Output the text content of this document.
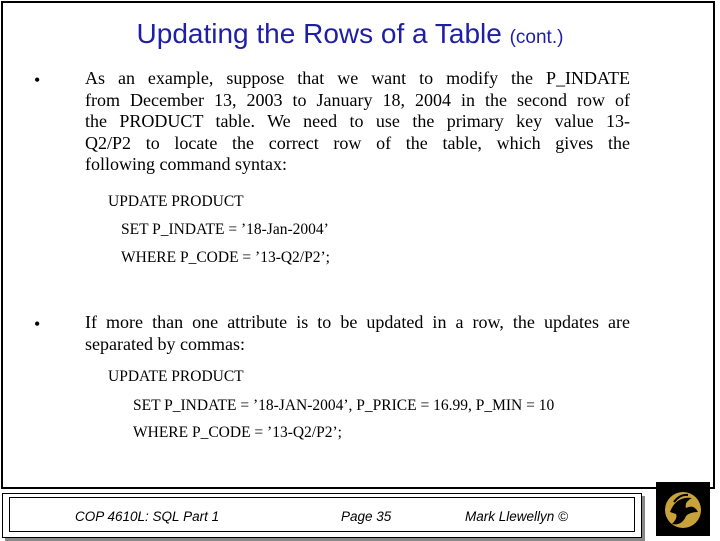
Updating the Rows of a Table (cont.)
• As an example, suppose that we want to modify the P_INDATE
from December 13, 2003 to January 18, 2004 in the second row of
the PRODUCT table. We need to use the primary key value 13-
Q2/P2 to locate the correct row of the table, which gives the
following command syntax:
UPDATE PRODUCT
SET P_INDATE = ’18-Jan-2004’
WHERE P_CODE = ’13-Q2/P2’;
• If more than one attribute is to be updated in a row, the updates are
separated by commas:
UPDATE PRODUCT
SET P_INDATE = ’18-JAN-2004’, P_PRICE = 16.99, P_MIN = 10
WHERE P_CODE = ’13-Q2/P2’;
COP 4610L: SQL Part 1	Page 35	Mark Llewellyn ©
